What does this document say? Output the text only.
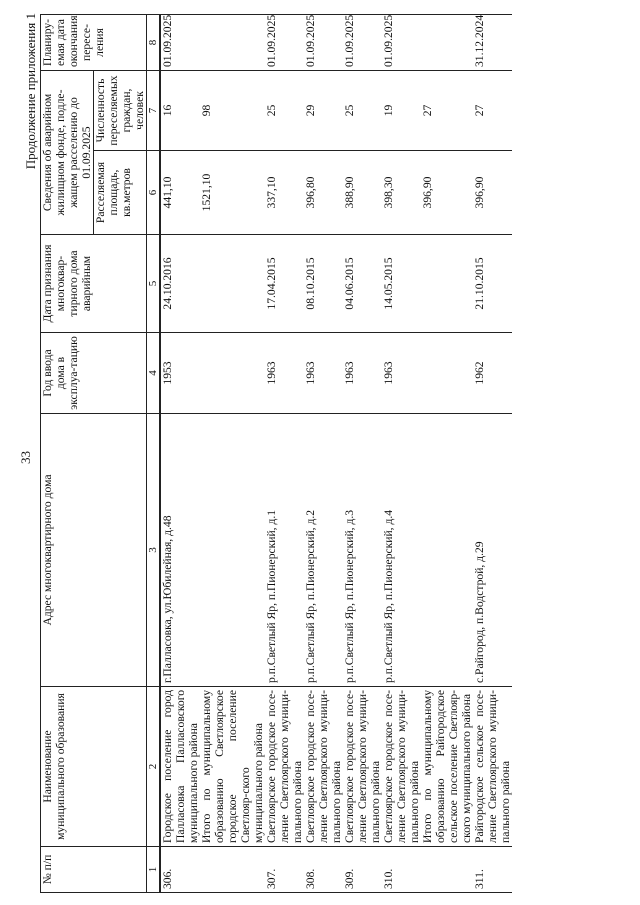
33
Продолжение приложения 1
№ п/п	Наименование муниципального образования	Адрес многоквартирного дома	Год ввода дома в эксплуа-тацию	Дата признания многоквар-тирного дома аварийным	Сведения об аварийном жилищном фонде, подле-жащем расселению до 01.09.2025		Планиру-емая дата окончания пересе-ления
					Расселяемая площадь, кв.метров	Численность переселяемых граждан, человек	
1	2	3	4	5	6	7	8
306.	Городское поселение город Палласовка Палласовского муниципального района	г.Палласовка, ул.Юбилейная, д.48	1953	24.10.2016	441,10	16	01.09.2025
	Итого по муниципальному образованию Светлоярское городское поселение Светлояр-ского муниципального района				1521,10	98	
307.	Светлоярское городское посе-ление Светлоярского муници-пального района	р.п.Светлый Яр, п.Пионерский, д.1	1963	17.04.2015	337,10	25	01.09.2025
308.	Светлоярское городское посе-ление Светлоярского муници-пального района	р.п.Светлый Яр, п.Пионерский, д.2	1963	08.10.2015	396,80	29	01.09.2025
309.	Светлоярское городское посе-ление Светлоярского муници-пального района	р.п.Светлый Яр, п.Пионерский, д.3	1963	04.06.2015	388,90	25	01.09.2025
310.	Светлоярское городское посе-ление Светлоярского муници-пального района	р.п.Светлый Яр, п.Пионерский, д.4	1963	14.05.2015	398,30	19	01.09.2025
	Итого по муниципальному образованию Райгородское сельское поселение Светлояр-ского муниципального района				396,90	27	
311.	Райгородское сельское посе-ление Светлоярского муници-пального района	с.Райгород, п.Водстрой, д.29	1962	21.10.2015	396,90	27	31.12.2024
